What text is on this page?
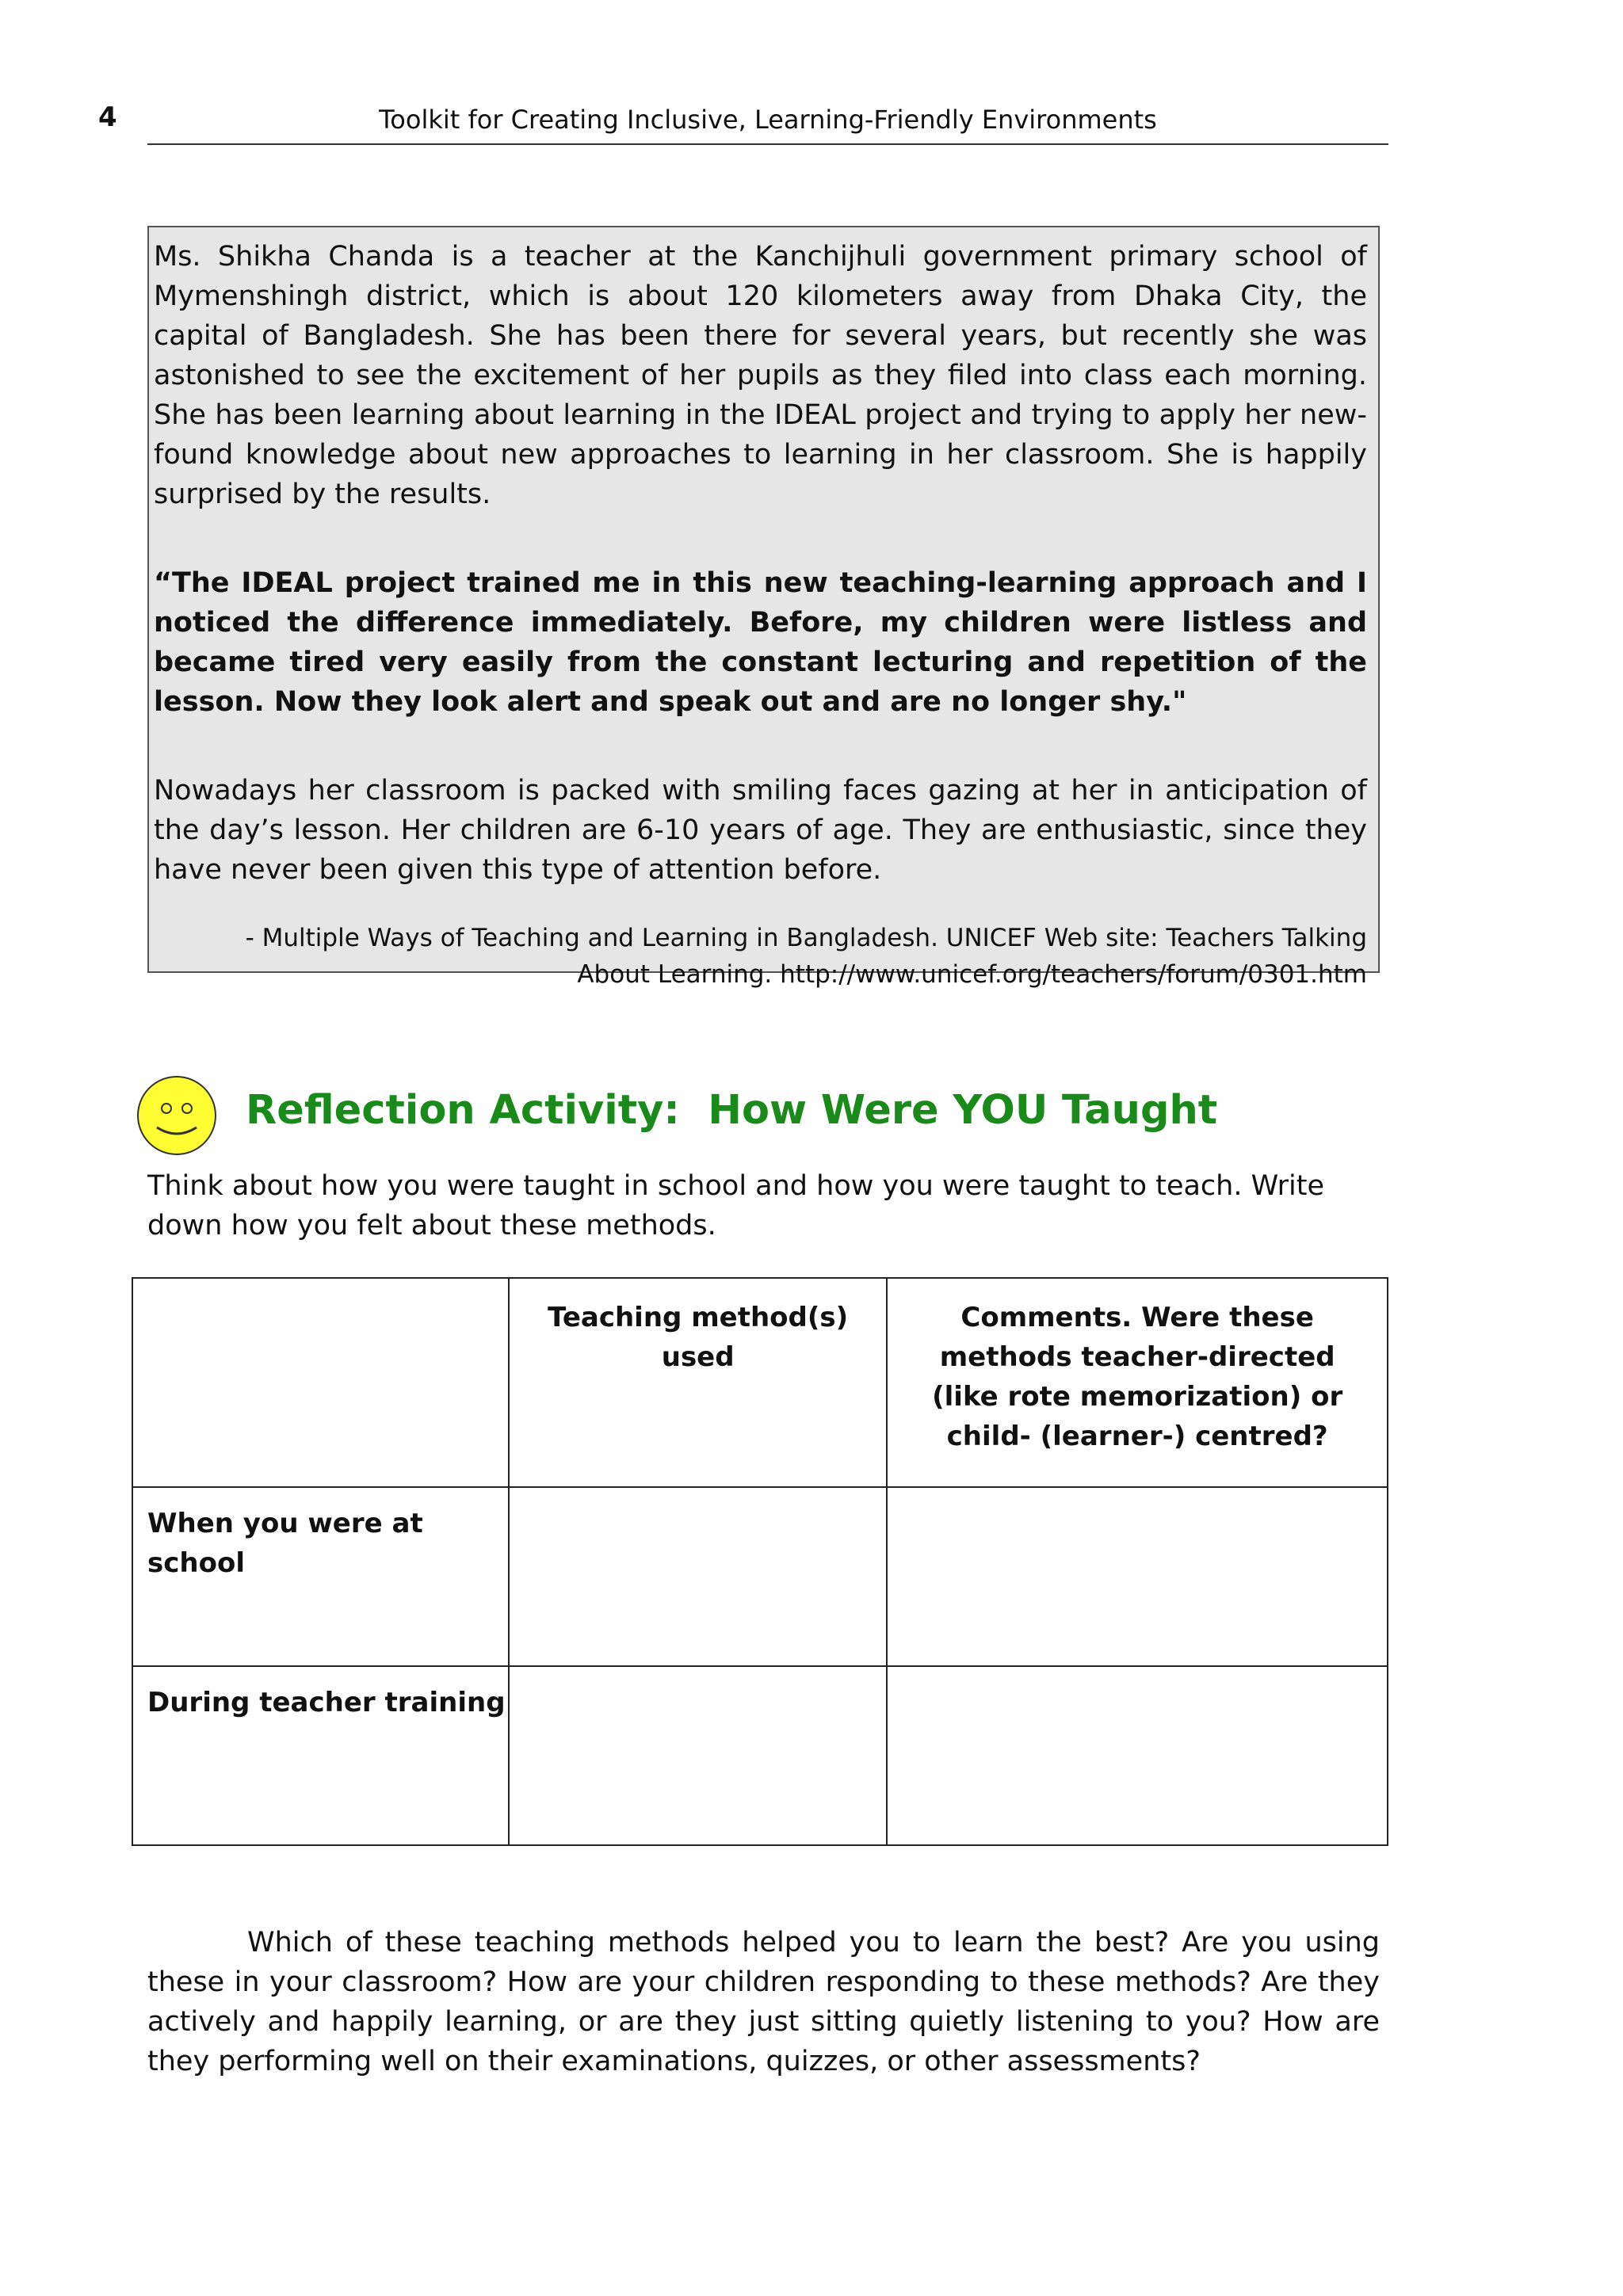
4	Toolkit for Creating Inclusive, Learning-Friendly Environments

Ms. Shikha Chanda is a teacher at the Kanchijhuli government primary school of Mymenshingh district, which is about 120 kilometers away from Dhaka City, the capital of Bangladesh. She has been there for several years, but recently she was astonished to see the excitement of her pupils as they filed into class each morning. She has been learning about learning in the IDEAL project and trying to apply her new-found knowledge about new approaches to learning in her classroom. She is happily surprised by the results.

“The IDEAL project trained me in this new teaching-learning approach and I noticed the difference immediately. Before, my children were listless and became tired very easily from the constant lecturing and repetition of the lesson. Now they look alert and speak out and are no longer shy."

Nowadays her classroom is packed with smiling faces gazing at her in anticipation of the day’s lesson. Her children are 6-10 years of age. They are enthusiastic, since they have never been given this type of attention before.

- Multiple Ways of Teaching and Learning in Bangladesh. UNICEF Web site: Teachers Talking About Learning. http://www.unicef.org/teachers/forum/0301.htm

Reflection Activity:  How Were YOU Taught

Think about how you were taught in school and how you were taught to teach. Write down how you felt about these methods.

	Teaching method(s) used	Comments. Were these methods teacher-directed (like rote memorization) or child- (learner-) centred?
When you were at school		
During teacher training		

Which of these teaching methods helped you to learn the best? Are you using these in your classroom? How are your children responding to these methods? Are they actively and happily learning, or are they just sitting quietly listening to you? How are they performing well on their examinations, quizzes, or other assessments?
